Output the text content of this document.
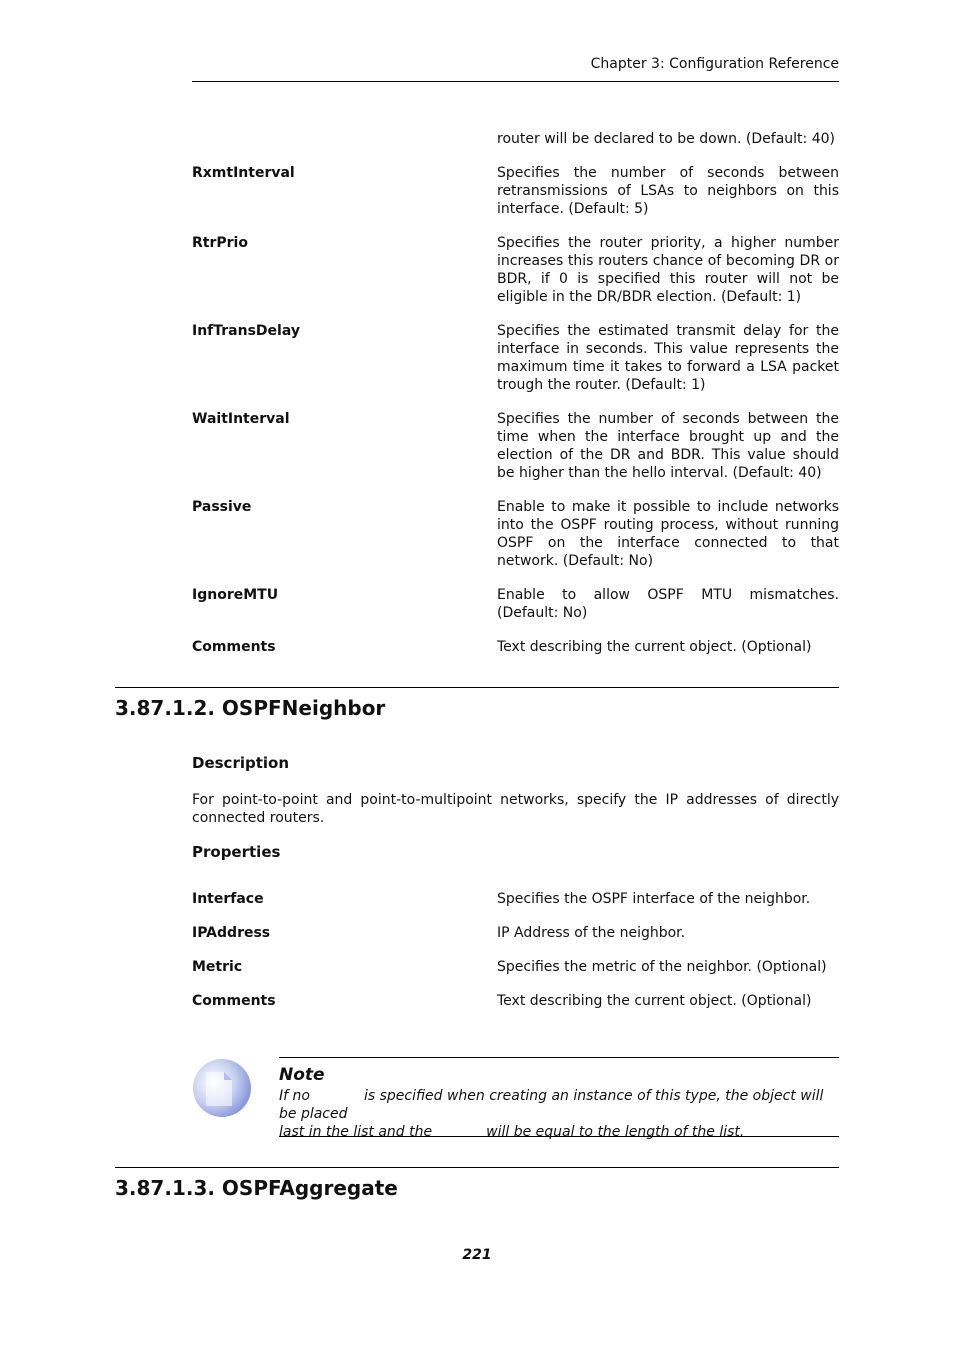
Chapter 3: Configuration Reference
router will be declared to be down. (Default: 40)
RxmtInterval	Specifies the number of seconds between retransmissions of LSAs to neighbors on this interface. (Default: 5)
RtrPrio	Specifies the router priority, a higher number increases this routers chance of becoming DR or BDR, if 0 is specified this router will not be eligible in the DR/BDR election. (Default: 1)
InfTransDelay	Specifies the estimated transmit delay for the interface in seconds. This value represents the maximum time it takes to forward a LSA packet trough the router. (Default: 1)
WaitInterval	Specifies the number of seconds between the time when the interface brought up and the election of the DR and BDR. This value should be higher than the hello interval. (Default: 40)
Passive	Enable to make it possible to include networks into the OSPF routing process, without running OSPF on the interface connected to that network. (Default: No)
IgnoreMTU	Enable to allow OSPF MTU mismatches. (Default: No)
Comments	Text describing the current object. (Optional)
3.87.1.2. OSPFNeighbor
Description
For point-to-point and point-to-multipoint networks, specify the IP addresses of directly connected routers.
Properties
Interface	Specifies the OSPF interface of the neighbor.
IPAddress	IP Address of the neighbor.
Metric	Specifies the metric of the neighbor. (Optional)
Comments	Text describing the current object. (Optional)
Note
If no	is specified when creating an instance of this type, the object will be placed
last in the list and the	will be equal to the length of the list.
3.87.1.3. OSPFAggregate
221
